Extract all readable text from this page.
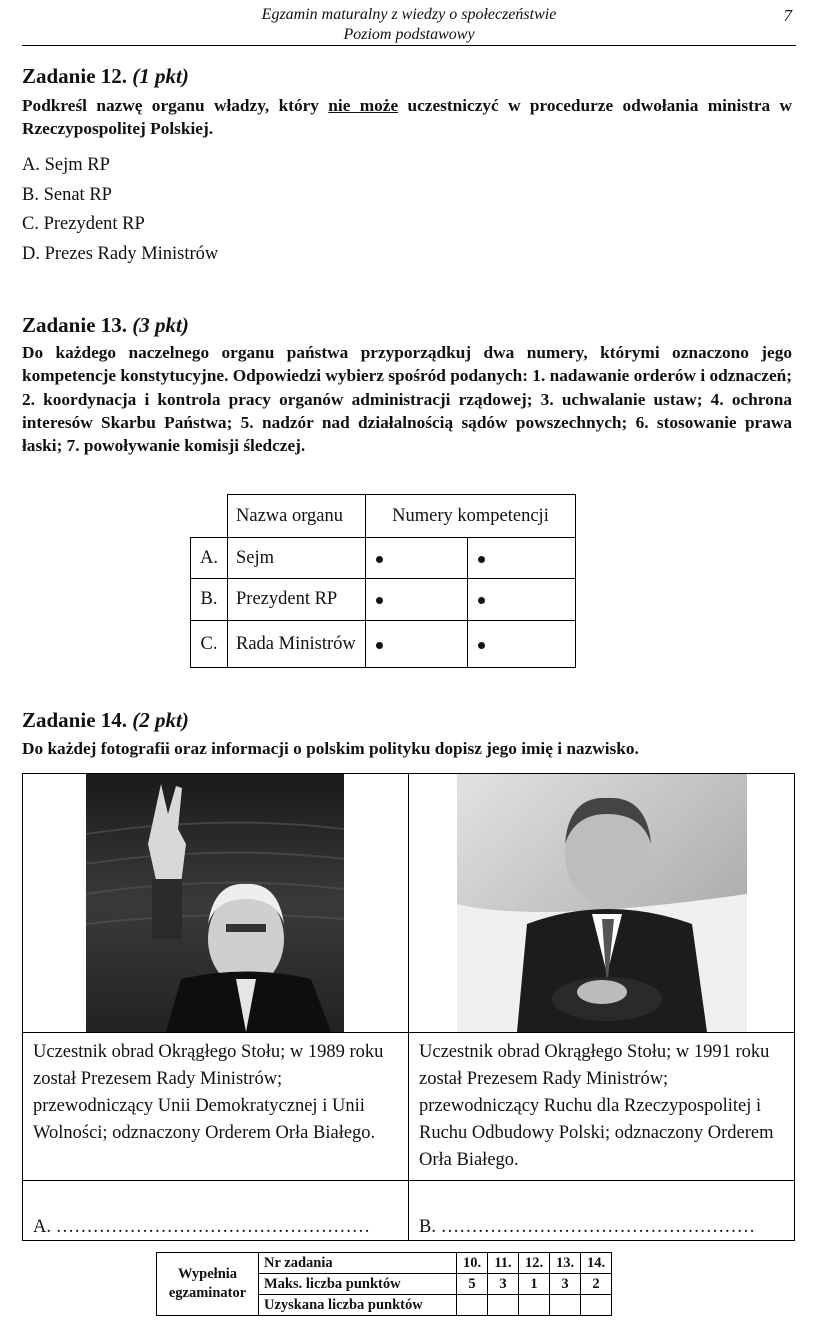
Egzamin maturalny z wiedzy o społeczeństwie
Poziom podstawowy
7
Zadanie 12. (1 pkt)
Podkreśl nazwę organu władzy, który nie może uczestniczyć w procedurze odwołania ministra w Rzeczypospolitej Polskiej.
A. Sejm RP
B. Senat RP
C. Prezydent RP
D. Prezes Rady Ministrów
Zadanie 13. (3 pkt)
Do każdego naczelnego organu państwa przyporządkuj dwa numery, którymi oznaczono jego kompetencje konstytucyjne. Odpowiedzi wybierz spośród podanych: 1. nadawanie orderów i odznaczeń; 2. koordynacja i kontrola pracy organów administracji rządowej; 3. uchwalanie ustaw; 4. ochrona interesów Skarbu Państwa; 5. nadzór nad działalnością sądów powszechnych; 6. stosowanie prawa łaski; 7. powoływanie komisji śledczej.
	Nazwa organu	Numery kompetencji	
A.	Sejm		
B.	Prezydent RP		
C.	Rada Ministrów		
Zadanie 14. (2 pkt)
Do każdej fotografii oraz informacji o polskim polityku dopisz jego imię i nazwisko.

Uczestnik obrad Okrągłego Stołu; w 1989 roku został Prezesem Rady Ministrów; przewodniczący Unii Demokratycznej i Unii Wolności; odznaczony Orderem Orła Białego.	Uczestnik obrad Okrągłego Stołu; w 1991 roku został Prezesem Rady Ministrów; przewodniczący Ruchu dla Rzeczypospolitej i Ruchu Odbudowy Polski; odznaczony Orderem Orła Białego.

A. ……………………………………………	B. ……………………………………………
Wypełnia egzaminator	Nr zadania	10.	11.	12.	13.	14.
	Maks. liczba punktów	5	3	1	3	2
	Uzyskana liczba punktów					
